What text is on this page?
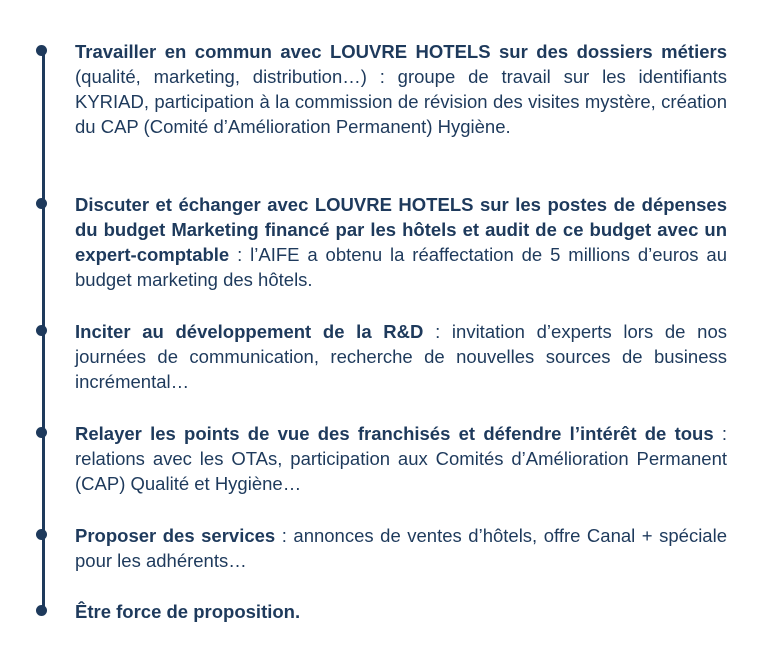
Travailler en commun avec LOUVRE HOTELS sur des dossiers métiers (qualité, marketing, distribution…) : groupe de travail sur les identifiants KYRIAD, participation à la commission de révision des visites mystère, création du CAP (Comité d’Amélioration Permanent) Hygiène.
Discuter et échanger avec LOUVRE HOTELS sur les postes de dépenses du budget Marketing financé par les hôtels et audit de ce budget avec un expert-comptable : l’AIFE a obtenu la réaffectation de 5 millions d’euros au budget marketing des hôtels.
Inciter au développement de la R&D : invitation d’experts lors de nos journées de communication, recherche de nouvelles sources de business incrémental…
Relayer les points de vue des franchisés et défendre l’intérêt de tous : relations avec les OTAs, participation aux Comités d’Amélioration Permanent (CAP) Qualité et Hygiène…
Proposer des services : annonces de ventes d’hôtels, offre Canal + spéciale pour les adhérents…
Être force de proposition.
